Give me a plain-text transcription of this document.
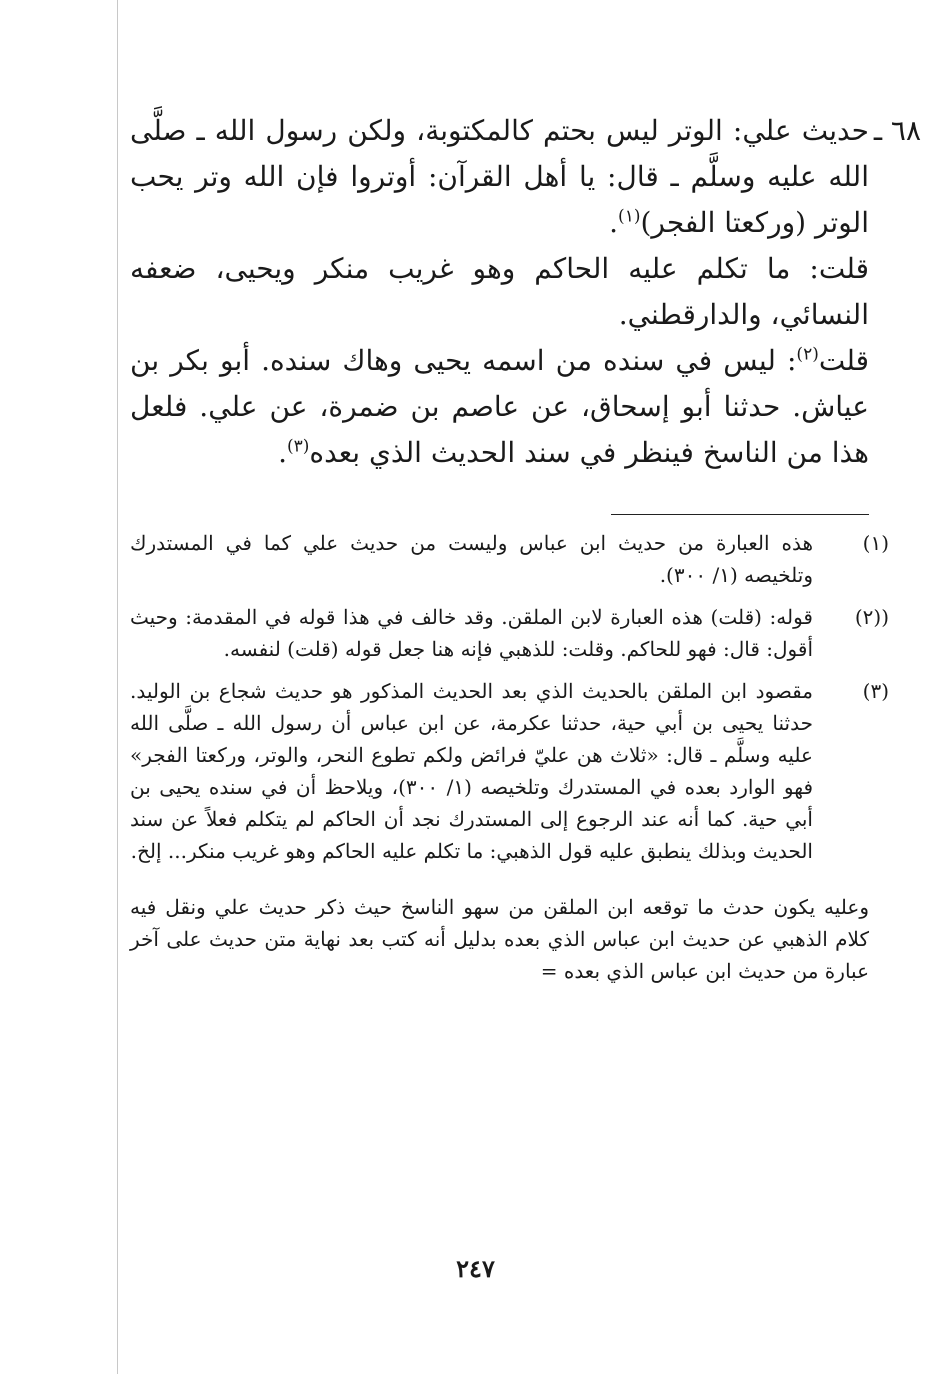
٦٨ ـ

حديث علي: الوتر ليس بحتم كالمكتوبة، ولكن رسول الله ـ صلَّى الله عليه وسلَّم ـ قال: يا أهل القرآن: أوتروا فإن الله وتر يحب الوتر (وركعتا الفجر)$^{(١)}$.

قلت: ما تكلم عليه الحاكم وهو غريب منكر ويحيى، ضعفه النسائي، والدارقطني.

قلت$^{(٢)}$: ليس في سنده من اسمه يحيى وهاك سنده. أبو بكر بن عياش. حدثنا أبو إسحاق، عن عاصم بن ضمرة، عن علي. فلعل هذا من الناسخ فينظر في سند الحديث الذي بعده$^{(٣)}$.

(١)
هذه العبارة من حديث ابن عباس وليست من حديث علي كما في المستدرك وتلخيصه (١/ ٣٠٠).
((٢)
قوله: (قلت) هذه العبارة لابن الملقن. وقد خالف في هذا قوله في المقدمة: وحيث أقول: قال: فهو للحاكم. وقلت: للذهبي فإنه هنا جعل قوله (قلت) لنفسه.
(٣)
مقصود ابن الملقن بالحديث الذي بعد الحديث المذكور هو حديث شجاع بن الوليد. حدثنا يحيى بن أبي حية، حدثنا عكرمة، عن ابن عباس أن رسول الله ـ صلَّى الله عليه وسلَّم ـ قال: «ثلاث هن عليّ فرائض ولكم تطوع النحر، والوتر، وركعتا الفجر» فهو الوارد بعده في المستدرك وتلخيصه (١/ ٣٠٠)، ويلاحظ أن في سنده يحيى بن أبي حية. كما أنه عند الرجوع إلى المستدرك نجد أن الحاكم لم يتكلم فعلاً عن سند الحديث وبذلك ينطبق عليه قول الذهبي: ما تكلم عليه الحاكم وهو غريب منكر... إلخ.

وعليه يكون حدث ما توقعه ابن الملقن من سهو الناسخ حيث ذكر حديث علي ونقل فيه كلام الذهبي عن حديث ابن عباس الذي بعده بدليل أنه كتب بعد نهاية متن حديث على آخر عبارة من حديث ابن عباس الذي بعده =

٢٤٧
